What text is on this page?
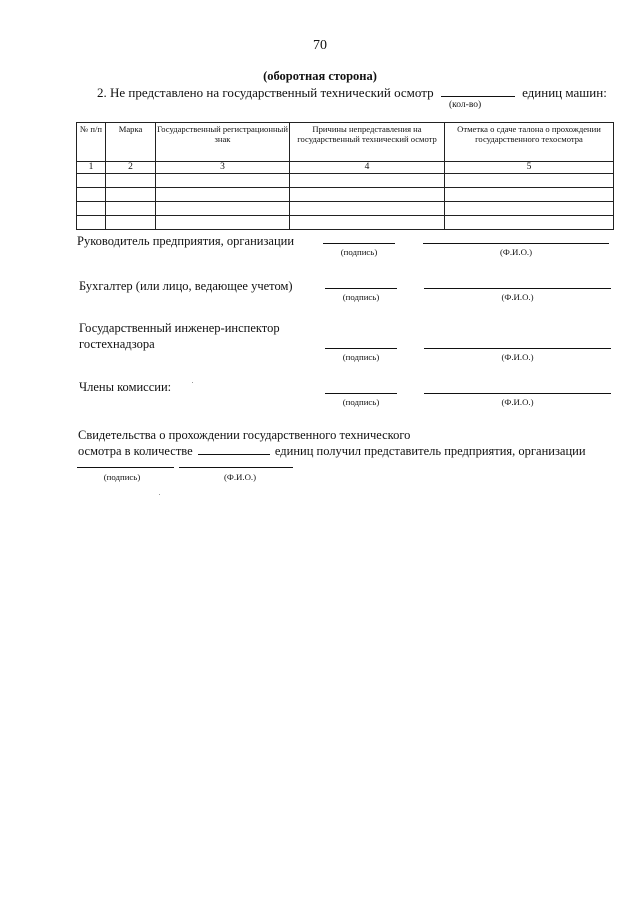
70
(оборотная сторона)
2. Не представлено на государственный технический осмотр	единиц машин:
(кол-во)
№ п/п	Марка	Государственный регистрационный знак	Причины непредставления на государственный технический осмотр	Отметка о сдаче талона о прохождении государственного техосмотра
1	2	3	4	5

Руководитель предприятия, организации
(подпись)	(Ф.И.О.)
Бухгалтер (или лицо, ведающее учетом)
(подпись)	(Ф.И.О.)
Государственный инженер-инспектор
гостехнадзора
(подпись)	(Ф.И.О.)
Члены комиссии:
(подпись)	(Ф.И.О.)
Свидетельства о прохождении государственного технического
осмотра в количестве	единиц получил представитель предприятия, организации
(подпись)	(Ф.И.О.)
